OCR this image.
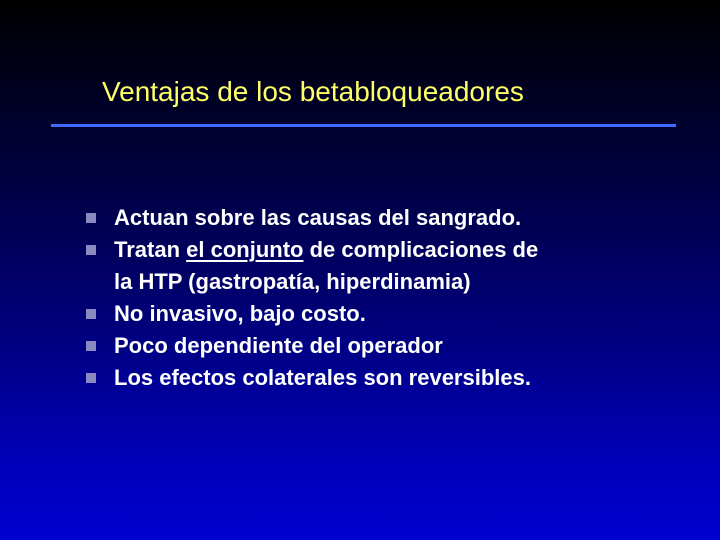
Ventajas de los betabloqueadores
Actuan sobre las causas del sangrado.
Tratan el conjunto de complicaciones de
la HTP (gastropatía, hiperdinamia)
No invasivo, bajo costo.
Poco dependiente del operador
Los efectos colaterales son reversibles.
